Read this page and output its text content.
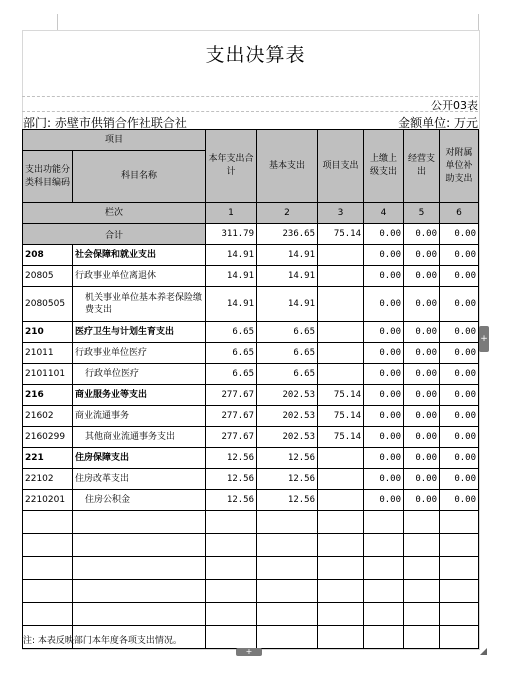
支出决算表
公开03表
部门: 赤壁市供销合作社联合社	金额单位: 万元
项目		本年支出合计	基本支出	项目支出	上缴上级支出	经营支出	对附属单位补助支出
支出功能分类科目编码	科目名称						
栏次		1	2	3	4	5	6
合计		311.79	236.65	75.14	0.00	0.00	0.00
208	社会保障和就业支出	14.91	14.91		0.00	0.00	0.00
20805	行政事业单位离退休	14.91	14.91		0.00	0.00	0.00
2080505	机关事业单位基本养老保险缴费支出	14.91	14.91		0.00	0.00	0.00
210	医疗卫生与计划生育支出	6.65	6.65		0.00	0.00	0.00
21011	行政事业单位医疗	6.65	6.65		0.00	0.00	0.00
2101101	行政单位医疗	6.65	6.65		0.00	0.00	0.00
216	商业服务业等支出	277.67	202.53	75.14	0.00	0.00	0.00
21602	商业流通事务	277.67	202.53	75.14	0.00	0.00	0.00
2160299	其他商业流通事务支出	277.67	202.53	75.14	0.00	0.00	0.00
221	住房保障支出	12.56	12.56		0.00	0.00	0.00
22102	住房改革支出	12.56	12.56		0.00	0.00	0.00
2210201	住房公积金	12.56	12.56		0.00	0.00	0.00

注: 本表反映部门本年度各项支出情况。
+
+
